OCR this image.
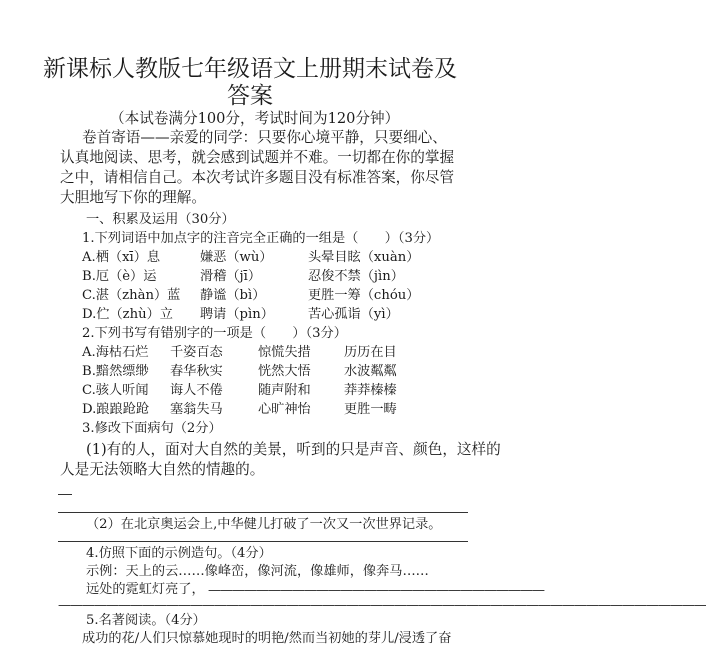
新课标人教版七年级语文上册期末试卷及
答案
（本试卷满分100分，考试时间为120分钟）
卷首寄语——亲爱的同学：只要你心境平静，只要细心、
认真地阅读、思考，就会感到试题并不难。一切都在你的掌握
之中，请相信自己。本次考试许多题目没有标准答案，你尽管
大胆地写下你的理解。
一、积累及运用（30分）
1.下列词语中加点字的注音完全正确的一组是（　　）（3分）
A.栖（xī）息	嫌恶（wù）	头晕目眩（xuàn）
B.厄（è）运	滑稽（jī）	忍俊不禁（jìn）
C.湛（zhàn）蓝 静谧（bì）	更胜一筹（chóu）
D.伫（zhù）立 聘请（pìn）	苦心孤诣（yì）
2.下列书写有错别字的一项是（　　）（3分）
A.海枯石烂 千姿百态	惊慌失措	历历在目
B.黯然缥缈 春华秋实	恍然大悟	水波粼粼
C.骇人听闻 诲人不倦	随声附和	莽莽榛榛
D.踉踉跄跄 塞翁失马	心旷神怡	更胜一畴
3.修改下面病句（2分）
(1)有的人，面对大自然的美景，听到的只是声音、颜色，这样的
人是无法领略大自然的情趣的。
（2）在北京奥运会上,中华健儿打破了一次又一次世界记录。
4.仿照下面的示例造句。（4分）
示例：天上的云……像峰峦，像河流，像雄师，像奔马……
远处的霓虹灯亮了， ————————————————————————————
——————————————————————————————————————————————————————
5.名著阅读。（4分）
成功的花/人们只惊慕她现时的明艳/然而当初她的芽儿/浸透了奋
